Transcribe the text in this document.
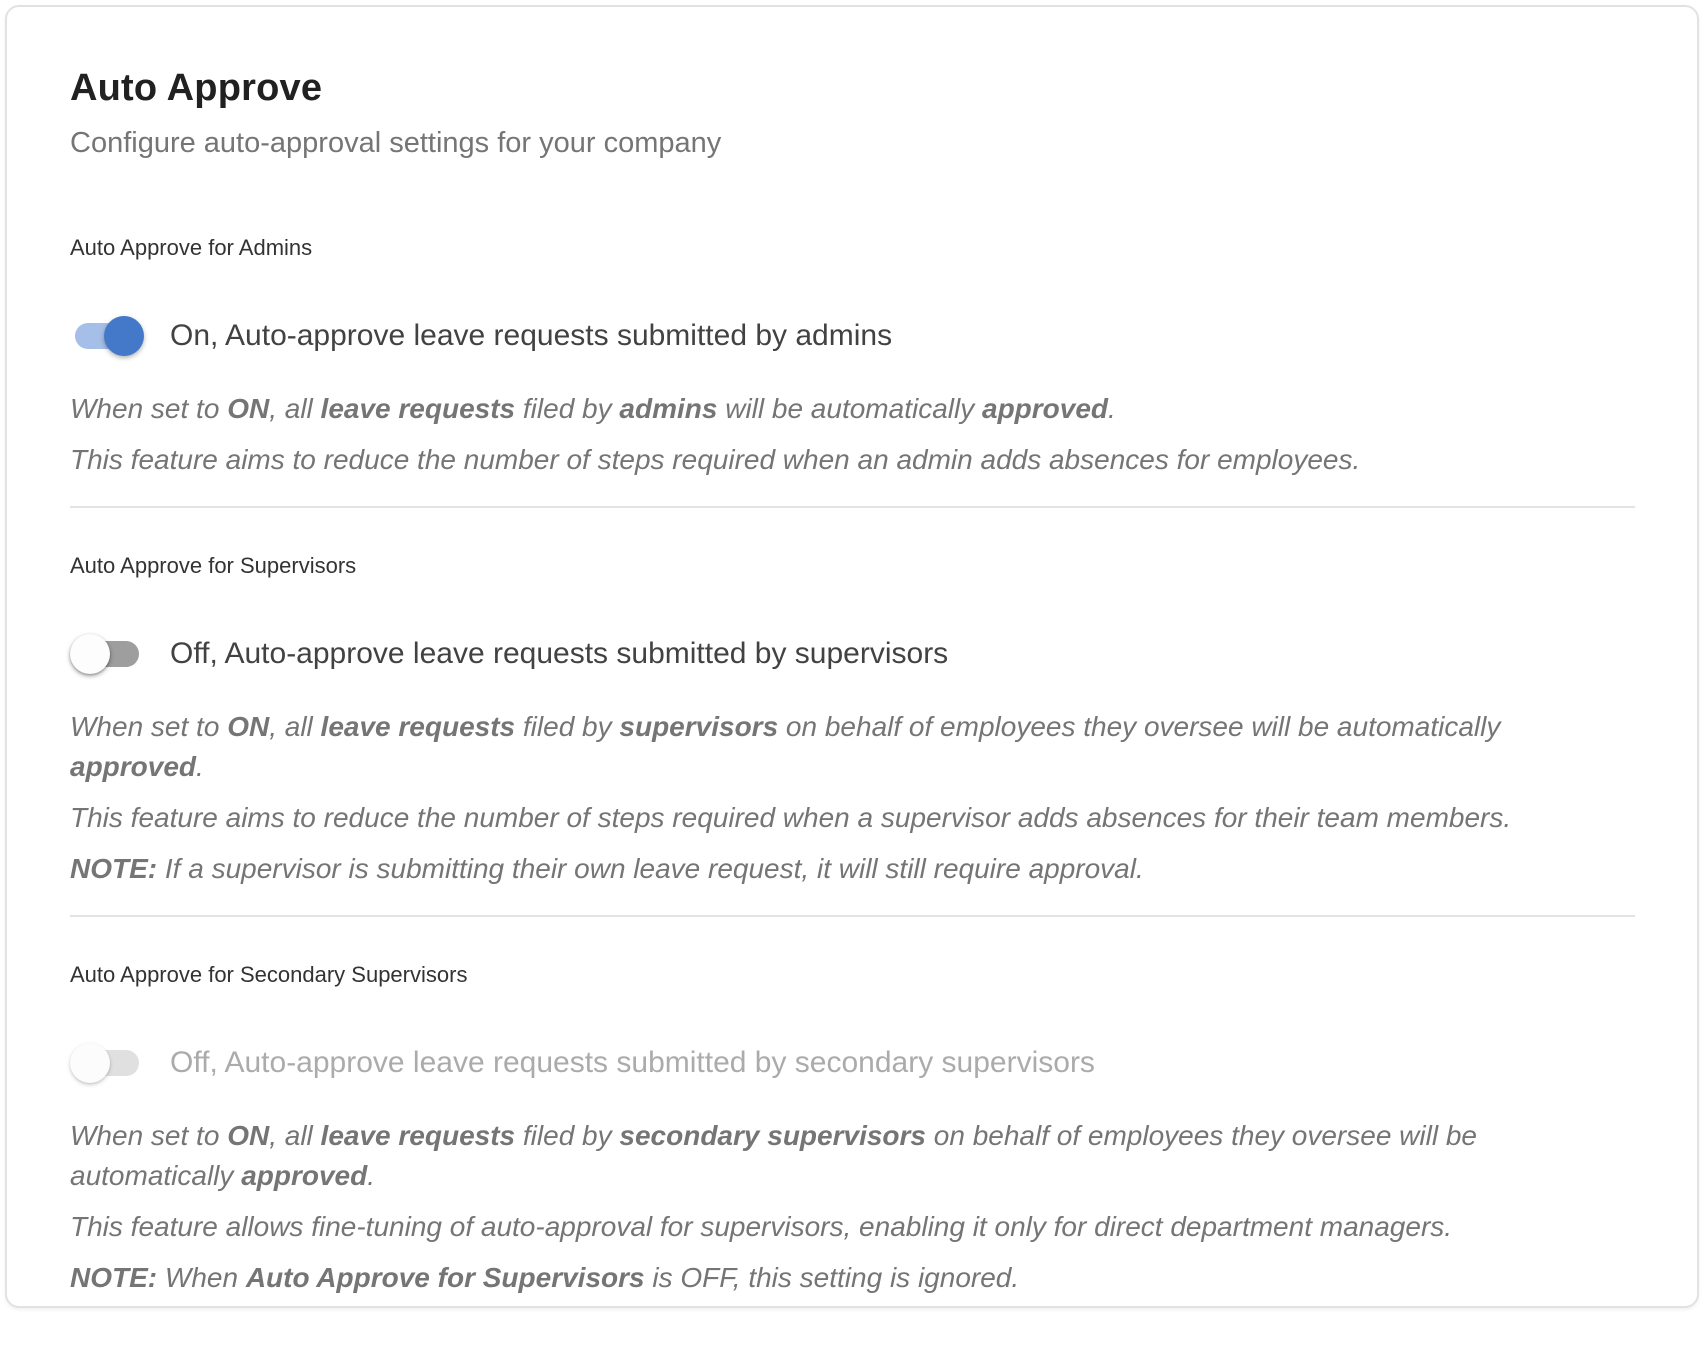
Auto Approve

Configure auto-approval settings for your company

Auto Approve for Admins
On, Auto-approve leave requests submitted by admins

When set to ON, all leave requests filed by admins will be automatically approved.

This feature aims to reduce the number of steps required when an admin adds absences for employees.

Auto Approve for Supervisors
Off, Auto-approve leave requests submitted by supervisors

When set to ON, all leave requests filed by supervisors on behalf of employees they oversee will be automatically approved.

This feature aims to reduce the number of steps required when a supervisor adds absences for their team members.

NOTE: If a supervisor is submitting their own leave request, it will still require approval.

Auto Approve for Secondary Supervisors
Off, Auto-approve leave requests submitted by secondary supervisors

When set to ON, all leave requests filed by secondary supervisors on behalf of employees they oversee will be automatically approved.

This feature allows fine-tuning of auto-approval for supervisors, enabling it only for direct department managers.

NOTE: When Auto Approve for Supervisors is OFF, this setting is ignored.
